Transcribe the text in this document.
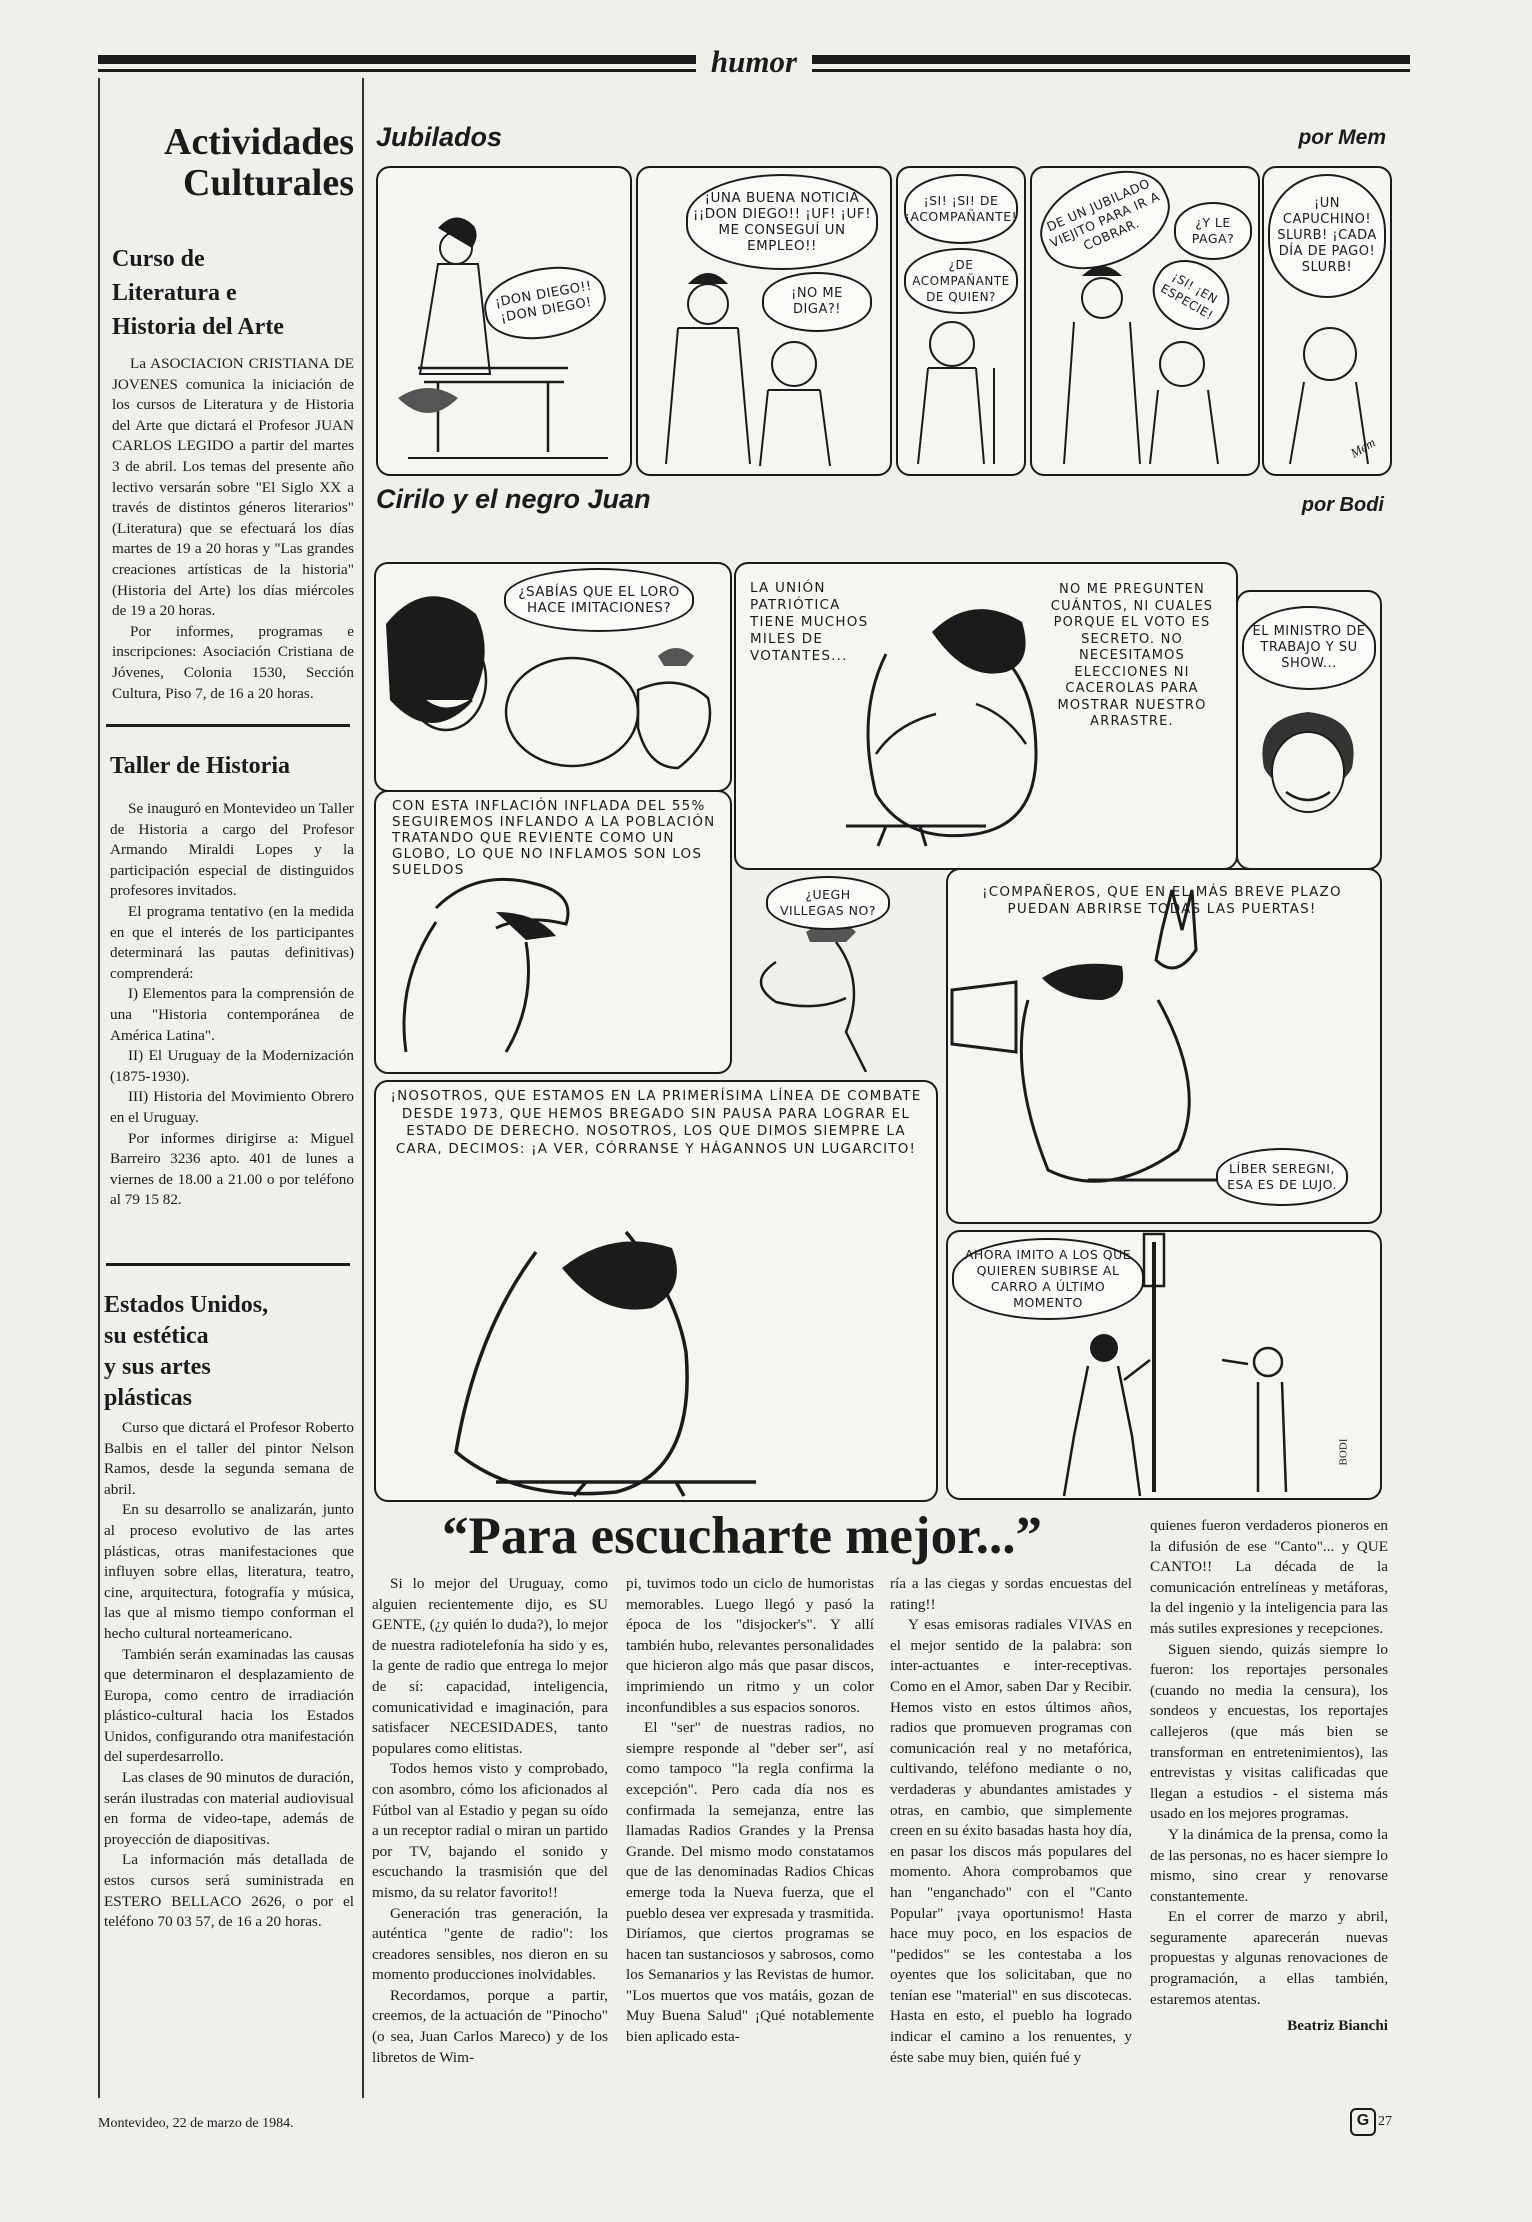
humor
Actividades
Culturales
Curso de
Literatura e
Historia del Arte

La ASOCIACION CRISTIANA DE JOVENES comunica la iniciación de los cursos de Literatura y de Historia del Arte que dictará el Profesor JUAN CARLOS LEGIDO a partir del martes 3 de abril. Los temas del presente año lectivo versarán sobre "El Siglo XX a través de distintos géneros literarios" (Literatura) que se efectuará los días martes de 19 a 20 horas y "Las grandes creaciones artísticas de la historia" (Historia del Arte) los días miércoles de 19 a 20 horas.

Por informes, programas e inscripciones: Asociación Cristiana de Jóvenes, Colonia 1530, Sección Cultura, Piso 7, de 16 a 20 horas.

Taller de Historia

Se inauguró en Montevideo un Taller de Historia a cargo del Profesor Armando Miraldi Lopes y la participación especial de distinguidos profesores invitados.

El programa tentativo (en la medida en que el interés de los participantes determinará las pautas definitivas) comprenderá:

I) Elementos para la comprensión de una "Historia contemporánea de América Latina".

II) El Uruguay de la Modernización (1875-1930).

III) Historia del Movimiento Obrero en el Uruguay.

Por informes dirigirse a: Miguel Barreiro 3236 apto. 401 de lunes a viernes de 18.00 a 21.00 o por teléfono al 79 15 82.

Estados Unidos,
su estética
y sus artes
plásticas

Curso que dictará el Profesor Roberto Balbis en el taller del pintor Nelson Ramos, desde la segunda semana de abril.

En su desarrollo se analizarán, junto al proceso evolutivo de las artes plásticas, otras manifestaciones que influyen sobre ellas, literatura, teatro, cine, arquitectura, fotografía y música, las que al mismo tiempo conforman el hecho cultural norteamericano.

También serán examinadas las causas que determinaron el desplazamiento de Europa, como centro de irradiación plástico-cultural hacia los Estados Unidos, configurando otra manifestación del superdesarrollo.

Las clases de 90 minutos de duración, serán ilustradas con material audiovisual en forma de video-tape, además de proyección de diapositivas.

La información más detallada de estos cursos será suministrada en ESTERO BELLACO 2626, o por el teléfono 70 03 57, de 16 a 20 horas.

Jubilados	por Mem
¡DON DIEGO!! ¡DON DIEGO!
¡UNA BUENA NOTICIA ¡¡DON DIEGO!! ¡UF! ¡UF! ME CONSEGUÍ UN EMPLEO!!
¡NO ME DIGA?!
¡SI! ¡SI! DE ¡ACOMPAÑANTE!
¿DE ACOMPAÑANTE DE QUIEN?
DE UN JUBILADO VIEJITO PARA IR A COBRAR.	¿Y LE PAGA?
¡SI! ¡EN ESPECIE!
¡UN CAPUCHINO! SLURB! ¡CADA DÍA DE PAGO! SLURB!
Mem
Cirilo y el negro Juan	por Bodi
¿SABÍAS QUE EL LORO HACE IMITACIONES?
LA UNIÓN PATRIÓTICA TIENE MUCHOS MILES DE VOTANTES...
NO ME PREGUNTEN CUÁNTOS, NI CUALES PORQUE EL VOTO ES SECRETO. NO NECESITAMOS ELECCIONES NI CACEROLAS PARA MOSTRAR NUESTRO ARRASTRE.
EL MINISTRO DE TRABAJO Y SU SHOW...
CON ESTA INFLACIÓN INFLADA DEL 55% SEGUIREMOS INFLANDO A LA POBLACIÓN TRATANDO QUE REVIENTE COMO UN GLOBO, LO QUE NO INFLAMOS SON LOS SUELDOS
¿UEGH VILLEGAS NO?
¡COMPAÑEROS, QUE EN EL MÁS BREVE PLAZO PUEDAN ABRIRSE TODAS LAS PUERTAS!
LÍBER SEREGNI, ESA ES DE LUJO.
¡NOSOTROS, QUE ESTAMOS EN LA PRIMERÍSIMA LÍNEA DE COMBATE DESDE 1973, QUE HEMOS BREGADO SIN PAUSA PARA LOGRAR EL ESTADO DE DERECHO. NOSOTROS, LOS QUE DIMOS SIEMPRE LA CARA, DECIMOS: ¡A VER, CÓRRANSE Y HÁGANNOS UN LUGARCITO!
AHORA IMITO A LOS QUE QUIEREN SUBIRSE AL CARRO A ÚLTIMO MOMENTO
BODI
“Para escucharte mejor...”

Si lo mejor del Uruguay, como alguien recientemente dijo, es SU GENTE, (¿y quién lo duda?), lo mejor de nuestra radiotelefonía ha sido y es, la gente de radio que entrega lo mejor de sí: capacidad, inteligencia, comunicatividad e imaginación, para satisfacer NECESIDADES, tanto populares como elitistas.

Todos hemos visto y comprobado, con asombro, cómo los aficionados al Fútbol van al Estadio y pegan su oído a un receptor radial o miran un partido por TV, bajando el sonido y escuchando la trasmisión que del mismo, da su relator favorito!!

Generación tras generación, la auténtica "gente de radio": los creadores sensibles, nos dieron en su momento producciones inolvidables.

Recordamos, porque a partir, creemos, de la actuación de "Pinocho" (o sea, Juan Carlos Mareco) y de los libretos de Wim-

pi, tuvimos todo un ciclo de humoristas memorables. Luego llegó y pasó la época de los "disjocker's". Y allí también hubo, relevantes personalidades que hicieron algo más que pasar discos, imprimiendo un ritmo y un color inconfundibles a sus espacios sonoros.

El "ser" de nuestras radios, no siempre responde al "deber ser", así como tampoco "la regla confirma la excepción". Pero cada día nos es confirmada la semejanza, entre las llamadas Radios Grandes y la Prensa Grande. Del mismo modo constatamos que de las denominadas Radios Chicas emerge toda la Nueva fuerza, que el pueblo desea ver expresada y trasmitida. Diríamos, que ciertos programas se hacen tan sustanciosos y sabrosos, como los Semanarios y las Revistas de humor. "Los muertos que vos matáis, gozan de Muy Buena Salud" ¡Qué notablemente bien aplicado esta-

ría a las ciegas y sordas encuestas del rating!!

Y esas emisoras radiales VIVAS en el mejor sentido de la palabra: son inter-actuantes e inter-receptivas. Como en el Amor, saben Dar y Recibir. Hemos visto en estos últimos años, radios que promueven programas con comunicación real y no metafórica, cultivando, teléfono mediante o no, verdaderas y abundantes amistades y otras, en cambio, que simplemente creen en su éxito basadas hasta hoy día, en pasar los discos más populares del momento. Ahora comprobamos que han "enganchado" con el "Canto Popular" ¡vaya oportunismo! Hasta hace muy poco, en los espacios de "pedidos" se les contestaba a los oyentes que los solicitaban, que no tenían ese "material" en sus discotecas. Hasta en esto, el pueblo ha logrado indicar el camino a los renuentes, y éste sabe muy bien, quién fué y

quienes fueron verdaderos pioneros en la difusión de ese "Canto"... y QUE CANTO!! La década de la comunicación entrelíneas y metáforas, la del ingenio y la inteligencia para las más sutiles expresiones y recepciones.

Siguen siendo, quizás siempre lo fueron: los reportajes personales (cuando no media la censura), los sondeos y encuestas, los reportajes callejeros (que más bien se transforman en entretenimientos), las entrevistas y visitas calificadas que llegan a estudios - el sistema más usado en los mejores programas.

Y la dinámica de la prensa, como la de las personas, no es hacer siempre lo mismo, sino crear y renovarse constantemente.

En el correr de marzo y abril, seguramente aparecerán nuevas propuestas y algunas renovaciones de programación, a ellas también, estaremos atentas.

Beatriz Bianchi
Montevideo, 22 de marzo de 1984.	G 27
